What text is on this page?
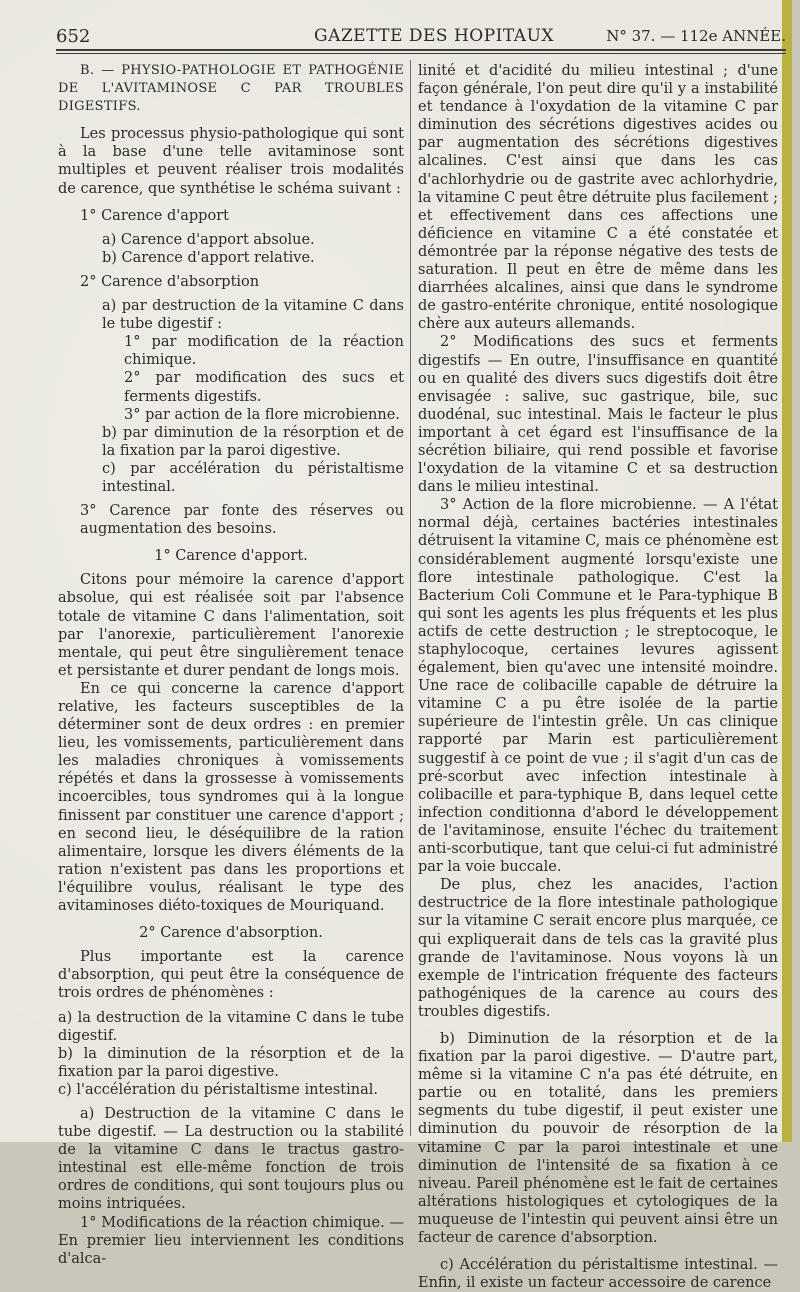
652	GAZETTE DES HOPITAUX	N° 37. — 112e ANNÉE.

B. — PHYSIO-PATHOLOGIE ET PATHOGÉNIE DE L'AVITAMINOSE C PAR TROUBLES DIGESTIFS.

Les processus physio-pathologique qui sont à la base d'une telle avitaminose sont multiples et peuvent réaliser trois modalités de carence, que synthétise le schéma suivant :

1° Carence d'apport

a) Carence d'apport absolue.

b) Carence d'apport relative.

2° Carence d'absorption

a) par destruction de la vitamine C dans le tube digestif :

1° par modification de la réaction chimique.

2° par modification des sucs et ferments digestifs.

3° par action de la flore microbienne.

b) par diminution de la résorption et de la fixation par la paroi digestive.

c) par accélération du péristaltisme intestinal.

3° Carence par fonte des réserves ou augmentation des besoins.

1° Carence d'apport.

Citons pour mémoire la carence d'apport absolue, qui est réalisée soit par l'absence totale de vitamine C dans l'alimentation, soit par l'anorexie, particulièrement l'anorexie mentale, qui peut être singulièrement tenace et persistante et durer pendant de longs mois.

En ce qui concerne la carence d'apport relative, les facteurs susceptibles de la déterminer sont de deux ordres : en premier lieu, les vomissements, particulièrement dans les maladies chroniques à vomissements répétés et dans la grossesse à vomissements incoercibles, tous syndromes qui à la longue finissent par constituer une carence d'apport ; en second lieu, le déséquilibre de la ration alimentaire, lorsque les divers éléments de la ration n'existent pas dans les proportions et l'équilibre voulus, réalisant le type des avitaminoses diéto-toxiques de Mouriquand.

2° Carence d'absorption.

Plus importante est la carence d'absorption, qui peut être la conséquence de trois ordres de phénomènes :

a) la destruction de la vitamine C dans le tube digestif.

b) la diminution de la résorption et de la fixation par la paroi digestive.

c) l'accélération du péristaltisme intestinal.

a) Destruction de la vitamine C dans le tube digestif. — La destruction ou la stabilité de la vitamine C dans le tractus gastro-intestinal est elle-même fonction de trois ordres de conditions, qui sont toujours plus ou moins intriquées.

1° Modifications de la réaction chimique. — En premier lieu interviennent les conditions d'alca-

linité et d'acidité du milieu intestinal ; d'une façon générale, l'on peut dire qu'il y a instabilité et tendance à l'oxydation de la vitamine C par diminution des sécrétions digestives acides ou par augmentation des sécrétions digestives alcalines. C'est ainsi que dans les cas d'achlorhydrie ou de gastrite avec achlorhydrie, la vitamine C peut être détruite plus facilement ; et effectivement dans ces affections une déficience en vitamine C a été constatée et démontrée par la réponse négative des tests de saturation. Il peut en être de même dans les diarrhées alcalines, ainsi que dans le syndrome de gastro-entérite chronique, entité nosologique chère aux auteurs allemands.

2° Modifications des sucs et ferments digestifs — En outre, l'insuffisance en quantité ou en qualité des divers sucs digestifs doit être envisagée : salive, suc gastrique, bile, suc duodénal, suc intestinal. Mais le facteur le plus important à cet égard est l'insuffisance de la sécrétion biliaire, qui rend possible et favorise l'oxydation de la vitamine C et sa destruction dans le milieu intestinal.

3° Action de la flore microbienne. — A l'état normal déjà, certaines bactéries intestinales détruisent la vitamine C, mais ce phénomène est considérablement augmenté lorsqu'existe une flore intestinale pathologique. C'est la Bacterium Coli Commune et le Para-typhique B qui sont les agents les plus fréquents et les plus actifs de cette destruction ; le streptocoque, le staphylocoque, certaines levures agissent également, bien qu'avec une intensité moindre. Une race de colibacille capable de détruire la vitamine C a pu être isolée de la partie supérieure de l'intestin grêle. Un cas clinique rapporté par Marin est particulièrement suggestif à ce point de vue ; il s'agit d'un cas de pré-scorbut avec infection intestinale à colibacille et para-typhique B, dans lequel cette infection conditionna d'abord le développement de l'avitaminose, ensuite l'échec du traitement anti-scorbutique, tant que celui-ci fut administré par la voie buccale.

De plus, chez les anacides, l'action destructrice de la flore intestinale pathologique sur la vitamine C serait encore plus marquée, ce qui expliquerait dans de tels cas la gravité plus grande de l'avitaminose. Nous voyons là un exemple de l'intrication fréquente des facteurs pathogéniques de la carence au cours des troubles digestifs.

b) Diminution de la résorption et de la fixation par la paroi digestive. — D'autre part, même si la vitamine C n'a pas été détruite, en partie ou en totalité, dans les premiers segments du tube digestif, il peut exister une diminution du pouvoir de résorption de la vitamine C par la paroi intestinale et une diminution de l'intensité de sa fixation à ce niveau. Pareil phénomène est le fait de certaines altérations histologiques et cytologiques de la muqueuse de l'intestin qui peuvent ainsi être un facteur de carence d'absorption.

c) Accélération du péristaltisme intestinal. — Enfin, il existe un facteur accessoire de carence
